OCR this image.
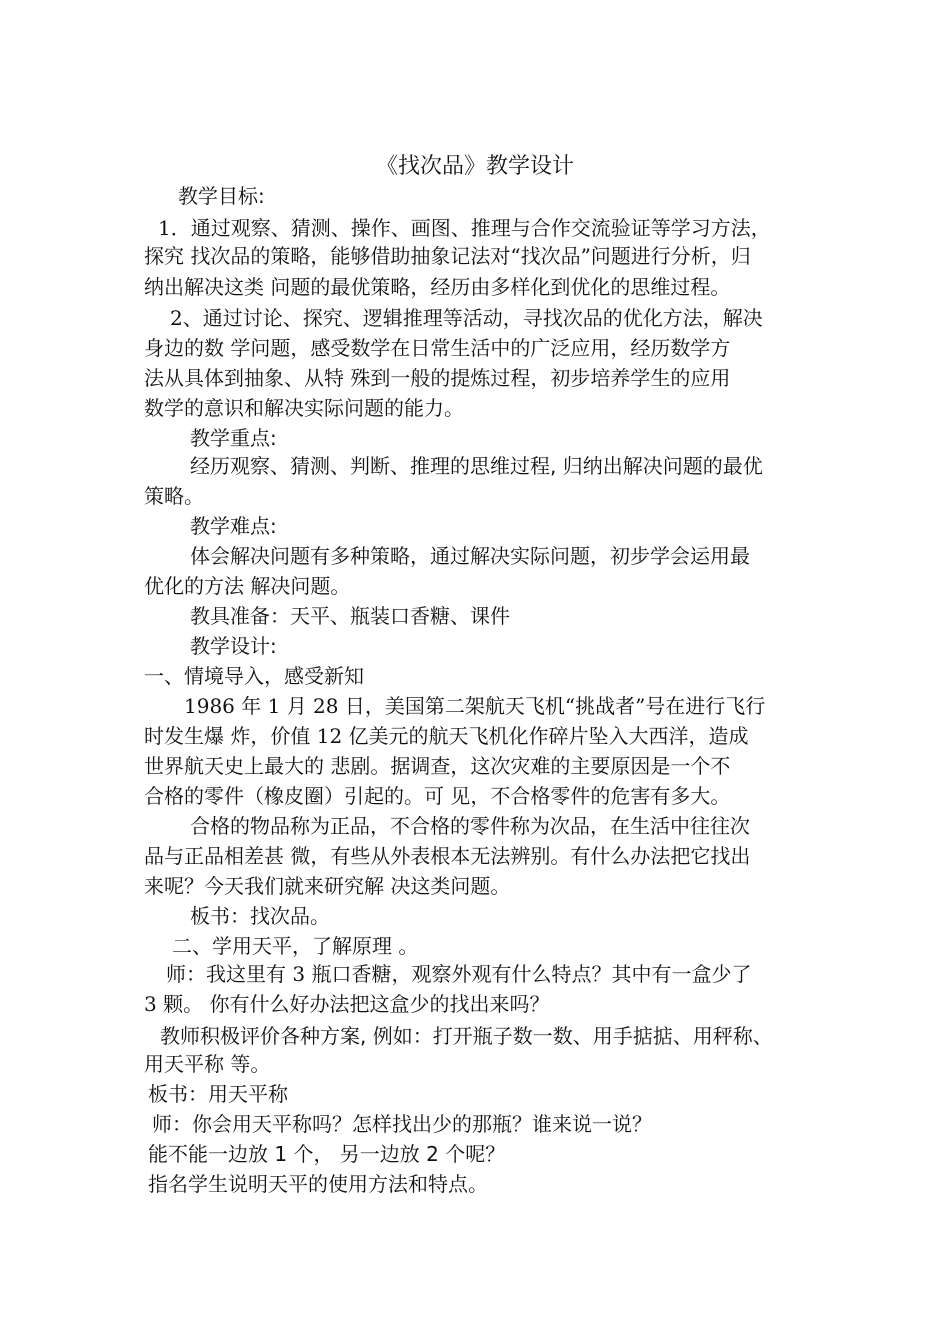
《找次品》教学设计
教学目标:
1．通过观察、猜测、操作、画图、推理与合作交流验证等学习方法，
探究 找次品的策略，能够借助抽象记法对“找次品”问题进行分析，归
纳出解决这类 问题的最优策略，经历由多样化到优化的思维过程。
2、通过讨论、探究、逻辑推理等活动，寻找次品的优化方法，解决
身边的数 学问题，感受数学在日常生活中的广泛应用，经历数学方
法从具体到抽象、从特 殊到一般的提炼过程，初步培养学生的应用
数学的意识和解决实际问题的能力。
教学重点:
经历观察、猜测、判断、推理的思维过程, 归纳出解决问题的最优
策略。
教学难点:
体会解决问题有多种策略，通过解决实际问题，初步学会运用最
优化的方法 解决问题。
教具准备：天平、瓶装口香糖、课件
教学设计:
一、情境导入，感受新知
1986 年 1 月 28 日，美国第二架航天飞机“挑战者”号在进行飞行
时发生爆 炸，价值 12 亿美元的航天飞机化作碎片坠入大西洋，造成
世界航天史上最大的 悲剧。据调查，这次灾难的主要原因是一个不
合格的零件（橡皮圈）引起的。可 见，不合格零件的危害有多大。
合格的物品称为正品，不合格的零件称为次品，在生活中往往次
品与正品相差甚 微，有些从外表根本无法辨别。有什么办法把它找出
来呢？今天我们就来研究解 决这类问题。
板书：找次品。
二、学用天平，了解原理 。
师：我这里有 3 瓶口香糖，观察外观有什么特点？其中有一盒少了
3 颗。 你有什么好办法把这盒少的找出来吗？
教师积极评价各种方案, 例如：打开瓶子数一数、用手掂掂、用秤称、
用天平称 等。
板书：用天平称
师：你会用天平称吗？怎样找出少的那瓶？谁来说一说？
能不能一边放 1 个， 另一边放 2 个呢？
指名学生说明天平的使用方法和特点。
